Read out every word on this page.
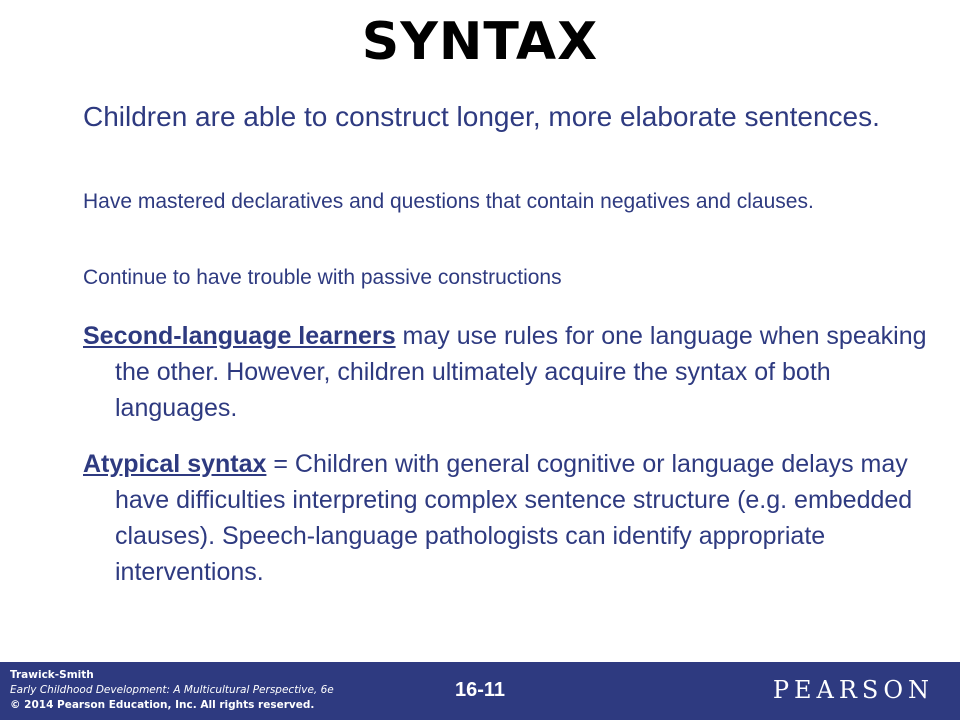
SYNTAX
Children are able to construct longer, more elaborate sentences.
Have mastered declaratives and questions that contain negatives and clauses.
Continue to have trouble with passive constructions
Second-language learners may use rules for one language when speaking the other. However, children ultimately acquire the syntax of both languages.
Atypical syntax = Children with general cognitive or language delays may have difficulties interpreting complex sentence structure (e.g. embedded clauses). Speech-language pathologists can identify appropriate interventions.
Trawick-Smith
Early Childhood Development: A Multicultural Perspective, 6e
© 2014 Pearson Education, Inc. All rights reserved.
16-11	PEARSON
